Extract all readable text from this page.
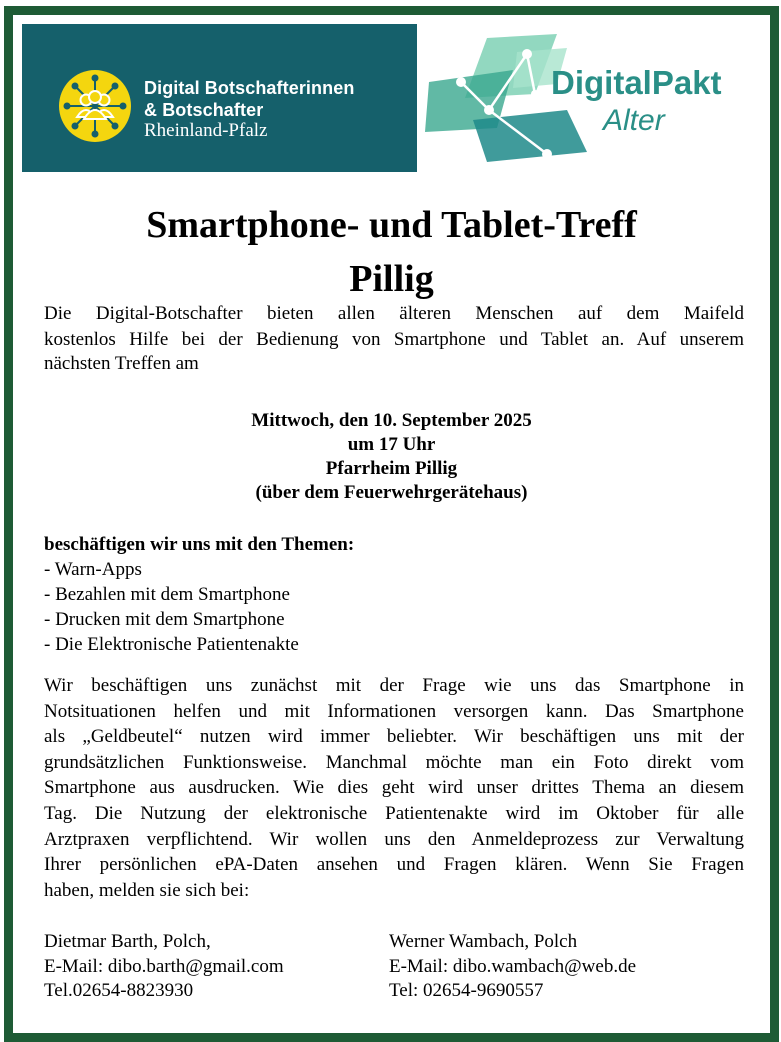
Digital Botschafterinnen
& Botschafter
Rheinland-Pfalz
DigitalPakt
Alter
Smartphone- und Tablet-Treff
Pillig
Die Digital-Botschafter bieten allen älteren Menschen auf dem Maifeld
kostenlos Hilfe bei der Bedienung von Smartphone und Tablet an. Auf unserem
nächsten Treffen am
Mittwoch, den 10. September 2025
um 17 Uhr
Pfarrheim Pillig
(über dem Feuerwehrgerätehaus)
beschäftigen wir uns mit den Themen:
- Warn-Apps
- Bezahlen mit dem Smartphone
- Drucken mit dem Smartphone
- Die Elektronische Patientenakte
Wir beschäftigen uns zunächst mit der Frage wie uns das Smartphone in
Notsituationen helfen und mit Informationen versorgen kann. Das Smartphone
als „Geldbeutel“ nutzen wird immer beliebter. Wir beschäftigen uns mit der
grundsätzlichen Funktionsweise. Manchmal möchte man ein Foto direkt vom
Smartphone aus ausdrucken. Wie dies geht wird unser drittes Thema an diesem
Tag. Die Nutzung der elektronische Patientenakte wird im Oktober für alle
Arztpraxen verpflichtend. Wir wollen uns den Anmeldeprozess zur Verwaltung
Ihrer persönlichen ePA-Daten ansehen und Fragen klären. Wenn Sie Fragen
haben, melden sie sich bei:
Dietmar Barth, Polch,
E-Mail: dibo.barth@gmail.com
Tel.02654-8823930
Werner Wambach, Polch
E-Mail: dibo.wambach@web.de
Tel: 02654-9690557
